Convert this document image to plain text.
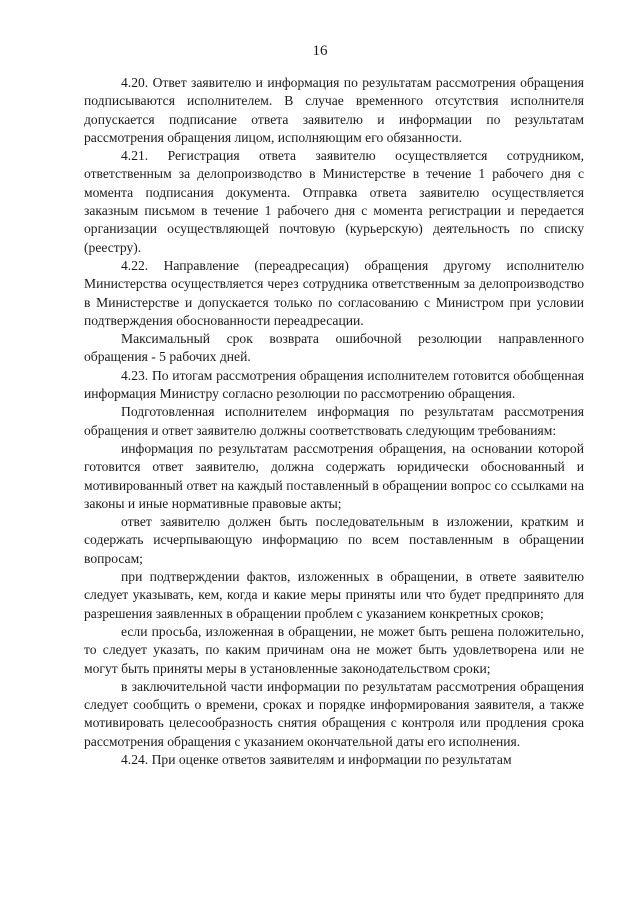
16

4.20. Ответ заявителю и информация по результатам рассмотрения обращения подписываются исполнителем. В случае временного отсутствия исполнителя допускается подписание ответа заявителю и информации по результатам рассмотрения обращения лицом, исполняющим его обязанности.

4.21. Регистрация ответа заявителю осуществляется сотрудником, ответственным за делопроизводство в Министерстве в течение 1 рабочего дня с момента подписания документа. Отправка ответа заявителю осуществляется заказным письмом в течение 1 рабочего дня с момента регистрации и передается организации осуществляющей почтовую (курьерскую) деятельность по списку (реестру).

4.22. Направление (переадресация) обращения другому исполнителю Министерства осуществляется через сотрудника ответственным за делопроизводство в Министерстве и допускается только по согласованию с Министром при условии подтверждения обоснованности переадресации.

Максимальный срок возврата ошибочной резолюции направленного обращения - 5 рабочих дней.

4.23. По итогам рассмотрения обращения исполнителем готовится обобщенная информация Министру согласно резолюции по рассмотрению обращения.

Подготовленная исполнителем информация по результатам рассмотрения обращения и ответ заявителю должны соответствовать следующим требованиям:

информация по результатам рассмотрения обращения, на основании которой готовится ответ заявителю, должна содержать юридически обоснованный и мотивированный ответ на каждый поставленный в обращении вопрос со ссылками на законы и иные нормативные правовые акты;

ответ заявителю должен быть последовательным в изложении, кратким и содержать исчерпывающую информацию по всем поставленным в обращении вопросам;

при подтверждении фактов, изложенных в обращении, в ответе заявителю следует указывать, кем, когда и какие меры приняты или что будет предпринято для разрешения заявленных в обращении проблем с указанием конкретных сроков;

если просьба, изложенная в обращении, не может быть решена положительно, то следует указать, по каким причинам она не может быть удовлетворена или не могут быть приняты меры в установленные законодательством сроки;

в заключительной части информации по результатам рассмотрения обращения следует сообщить о времени, сроках и порядке информирования заявителя, а также мотивировать целесообразность снятия обращения с контроля или продления срока рассмотрения обращения с указанием окончательной даты его исполнения.

4.24. При оценке ответов заявителям и информации по результатам
